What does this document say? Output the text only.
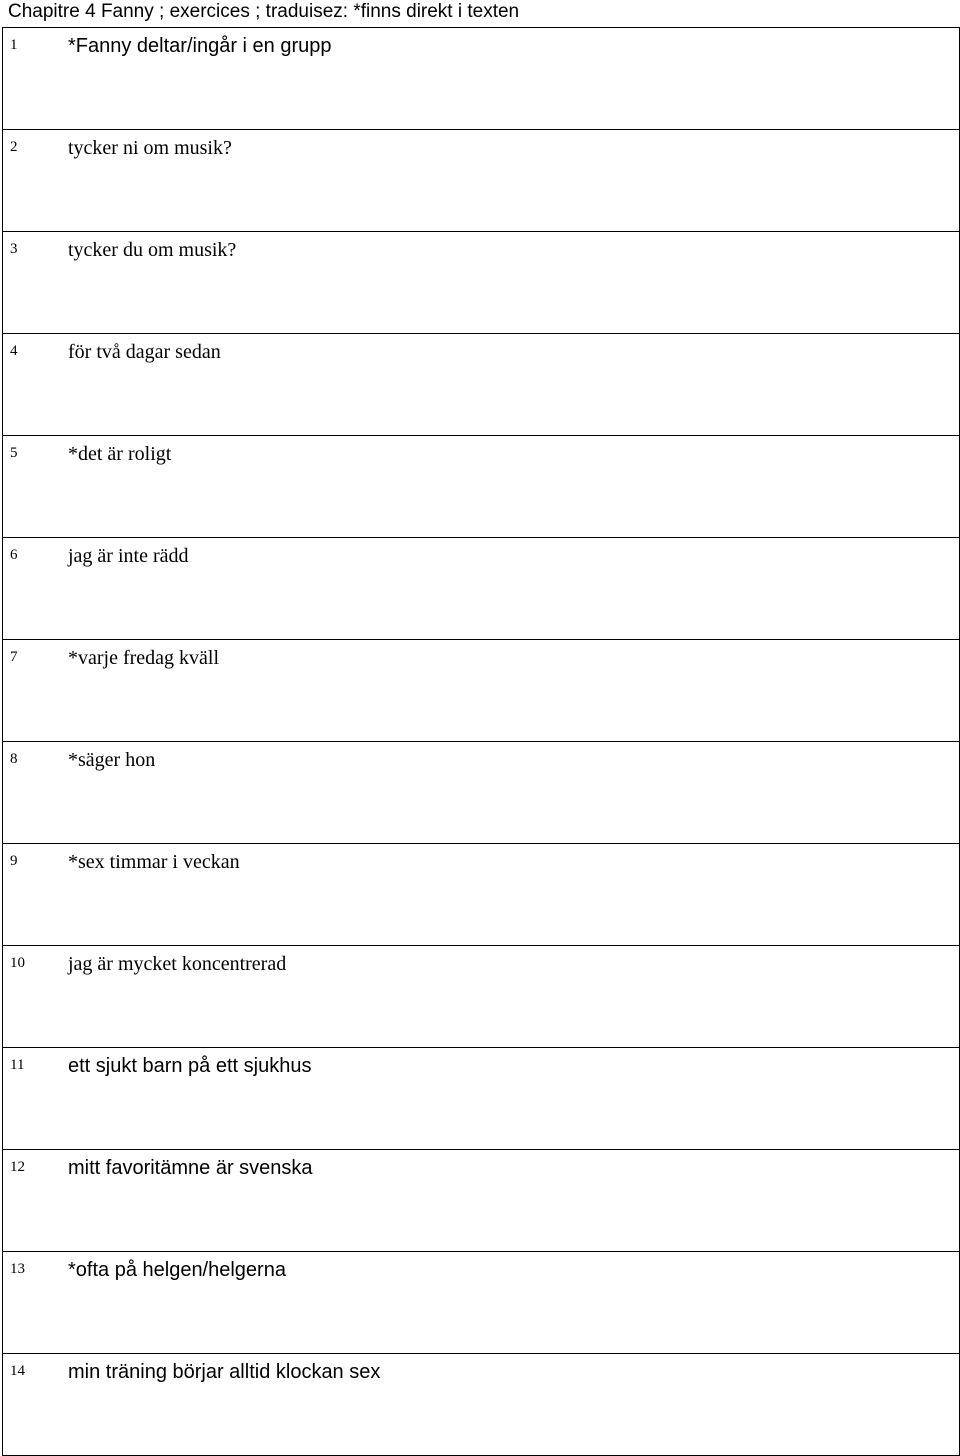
Chapitre 4 Fanny ; exercices ; traduisez: *finns direkt i texten
1	*Fanny deltar/ingår i en grupp
2	tycker ni om musik?
3	tycker du om musik?
4	för två dagar sedan
5	*det är roligt
6	jag är inte rädd
7	*varje fredag kväll
8	*säger hon
9	*sex timmar i veckan
10 jag är mycket koncentrerad
11 ett sjukt barn på ett sjukhus
12 mitt favoritämne är svenska
13 *ofta på helgen/helgerna
14 min träning börjar alltid klockan sex
